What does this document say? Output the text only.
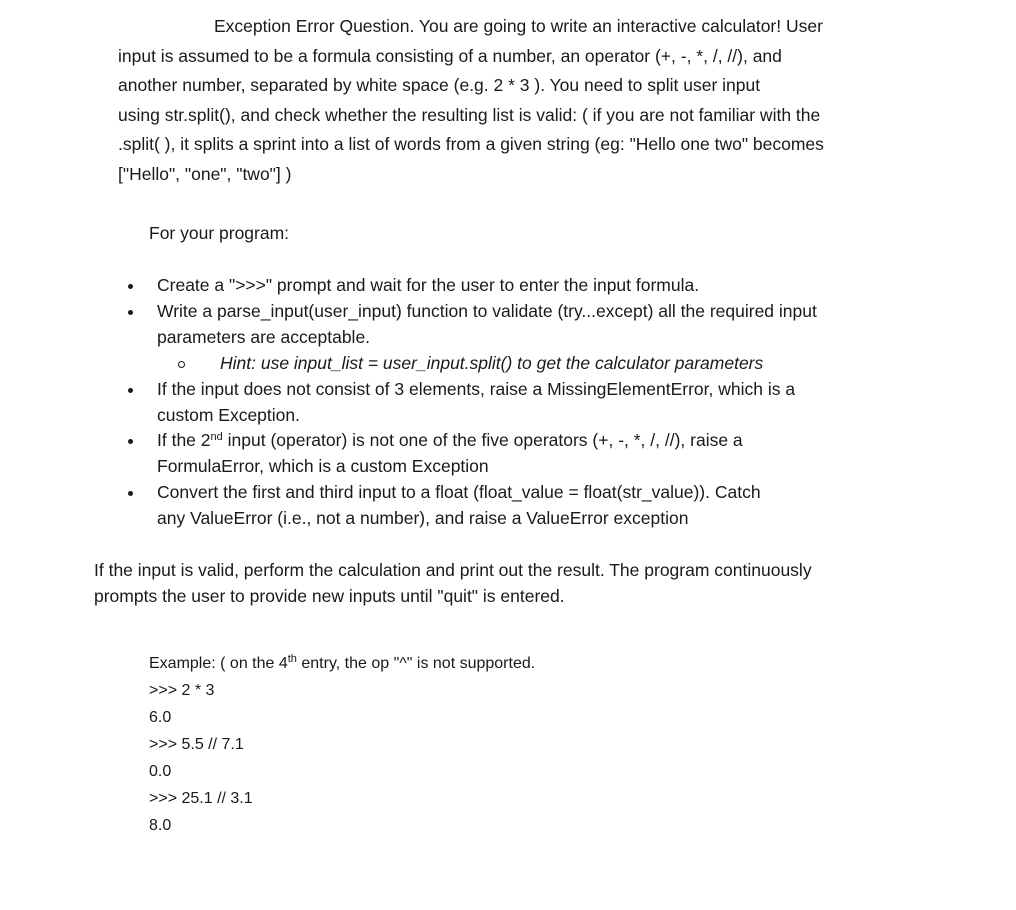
Exception Error Question. You are going to write an interactive calculator! User
input is assumed to be a formula consisting of a number, an operator (+, -, *, /, //), and
another number, separated by white space (e.g. 2 * 3 ). You need to split user input
using str.split(), and check whether the resulting list is valid: ( if you are not familiar with the
.split( ), it splits a sprint into a list of words from a given string (eg: "Hello one two" becomes
["Hello", "one", "two"] )

For your program:

Create a ">>>" prompt and wait for the user to enter the input formula.
Write a parse_input(user_input) function to validate (try...except) all the required input
parameters are acceptable.
Hint: use input_list = user_input.split() to get the calculator parameters
If the input does not consist of 3 elements, raise a MissingElementError, which is a
custom Exception.
If the 2nd input (operator) is not one of the five operators (+, -, *, /, //), raise a
FormulaError, which is a custom Exception
Convert the first and third input to a float (float_value = float(str_value)). Catch
any ValueError (i.e., not a number), and raise a ValueError exception

If the input is valid, perform the calculation and print out the result. The program continuously
prompts the user to provide new inputs until "quit" is entered.

Example: ( on the 4th entry, the op "^" is not supported.
>>> 2 * 3
6.0
>>> 5.5 // 7.1
0.0
>>> 25.1 // 3.1
8.0
